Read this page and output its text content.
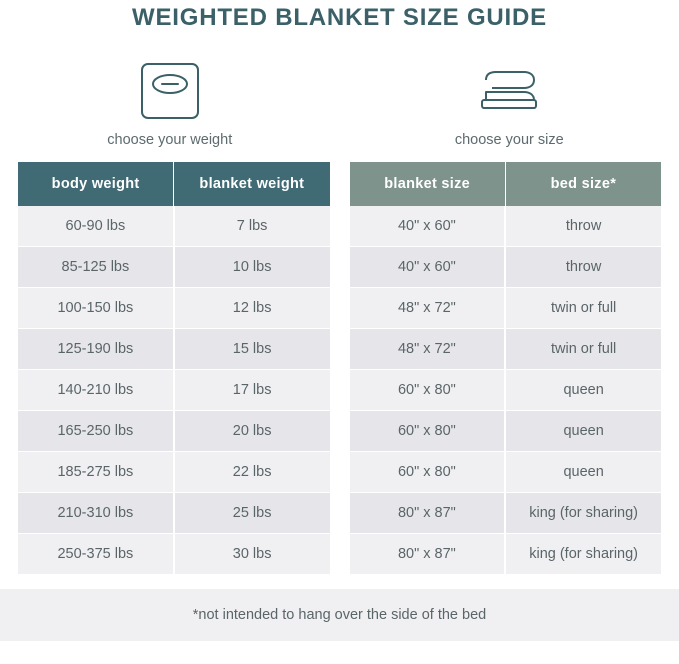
WEIGHTED BLANKET SIZE GUIDE
choose your weight	choose your size
body weight	blanket weight
60-90 lbs	7 lbs
85-125 lbs	10 lbs
100-150 lbs	12 lbs
125-190 lbs	15 lbs
140-210 lbs	17 lbs
165-250 lbs	20 lbs
185-275 lbs	22 lbs
210-310 lbs	25 lbs
250-375 lbs	30 lbs
blanket size	bed size*
40" x 60"	throw
40" x 60"	throw
48" x 72"	twin or full
48" x 72"	twin or full
60" x 80"	queen
60" x 80"	queen
60" x 80"	queen
80" x 87"	king (for sharing)
80" x 87"	king (for sharing)
*not intended to hang over the side of the bed
